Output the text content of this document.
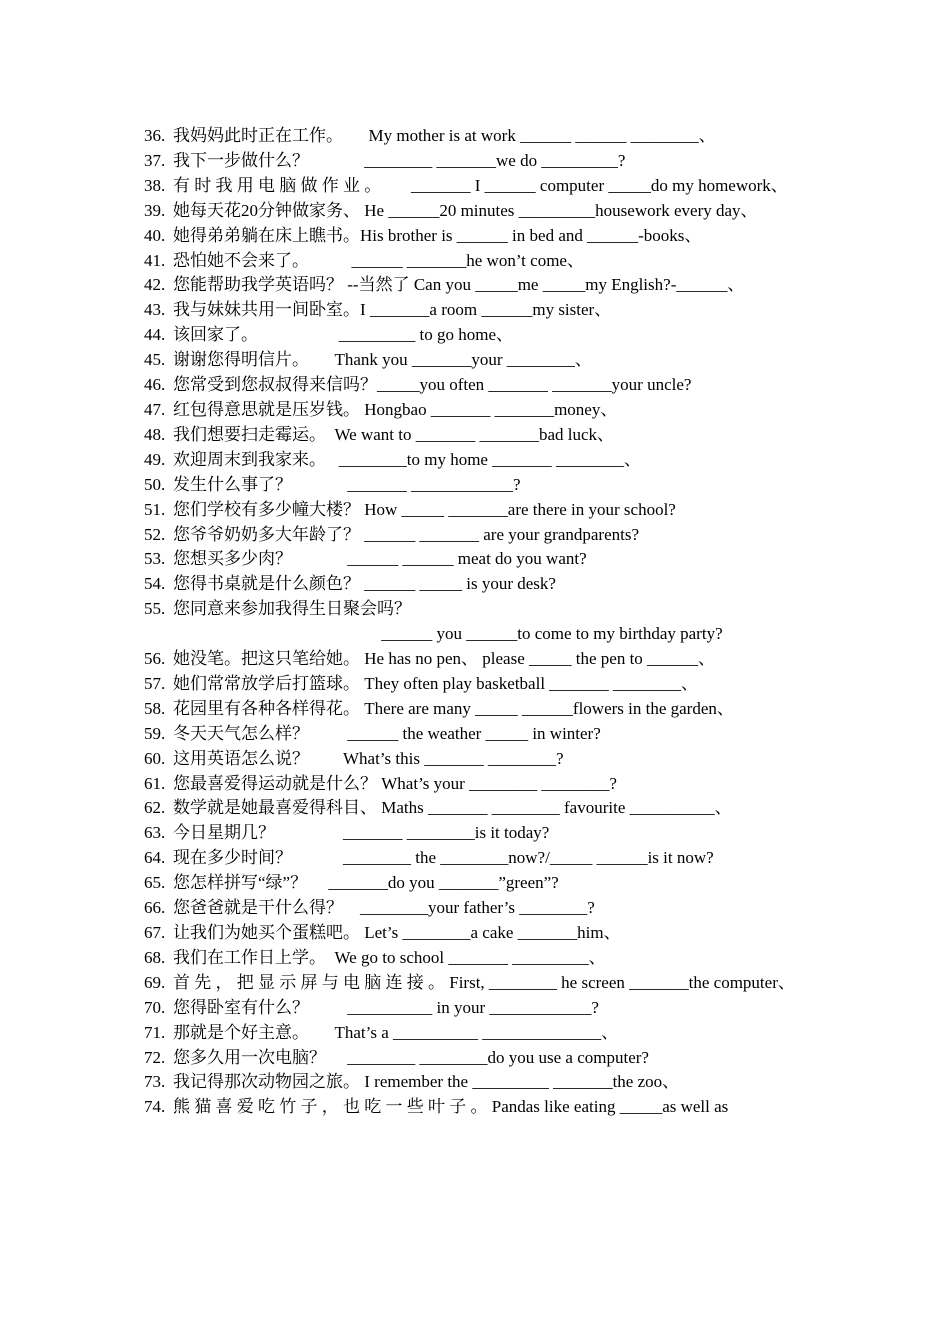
36. 我妈妈此时正在工作。　　My mother is at work ______ ______ ________、
37. 我下一步做什么？　　　 ________ _______we do _________?
38. 有 时 我 用 电 脑 做 作 业 。　　 _______ I ______ computer _____do my homework、
39. 她每天花20分钟做家务、 He ______20 minutes _________housework every day、
40. 她得弟弟躺在床上瞧书。His brother is ______ in bed and ______-books、
41. 恐怕她不会来了。　　　______ _______he won’t come、
42. 您能帮助我学英语吗？ --当然了 Can you _____me _____my English?-______、
43. 我与妹妹共用一间卧室。I _______a room ______my sister、
44. 该回家了。　　　　　 _________ to go home、
45. 谢谢您得明信片。　　Thank you _______your ________、
46. 您常受到您叔叔得来信吗？_____you often _______ _______your uncle?
47. 红包得意思就是压岁钱。 Hongbao _______ _______money、
48. 我们想要扫走霉运。　We want to _______ _______bad luck、
49. 欢迎周末到我家来。　 ________to my home _______ ________、
50. 发生什么事了？　　　 _______ ____________?
51. 您们学校有多少幢大楼？ How _____ _______are there in your school?
52. 您爷爷奶奶多大年龄了？ ______ _______ are your grandparents?
53. 您想买多少肉？　　　 ______ ______ meat do you want?
54. 您得书桌就是什么颜色？ ______ _____ is your desk?
55. 您同意来参加我得生日聚会吗？
　　　　　　　　　　　　 ______ you ______to come to my birthday party?
56. 她没笔。把这只笔给她。 He has no pen、 please _____ the pen to ______、
57. 她们常常放学后打篮球。 They often play basketball _______ ________、
58. 花园里有各种各样得花。 There are many _____ ______flowers in the garden、
59. 冬天天气怎么样？　　 ______ the weather _____ in winter?
60. 这用英语怎么说？　　What’s this _______ ________?
61. 您最喜爱得运动就是什么？ What’s your ________ ________?
62. 数学就是她最喜爱得科目、 Maths _______ ________ favourite __________、
63. 今日星期几？　　　　_______ ________is it today?
64. 现在多少时间？　　　________ the ________now?/_____ ______is it now?
65. 您怎样拼写“绿”？　 _______do you _______”green”?
66. 您爸爸就是干什么得？　________your father’s ________?
67. 让我们为她买个蛋糕吧。 Let’s ________a cake _______him、
68. 我们在工作日上学。　We go to school _______ _________、
69. 首 先 ， 把 显 示 屏 与 电 脑 连 接 。 First, ________ he screen _______the computer、
70. 您得卧室有什么？　　 __________ in your ____________?
71. 那就是个好主意。　　That’s a __________ ______________、
72. 您多久用一次电脑？　 ________ ________do you use a computer?
73. 我记得那次动物园之旅。 I remember the _________ _______the zoo、
74. 熊 猫 喜 爱 吃 竹 子 ， 也 吃 一 些 叶 子 。 Pandas like eating _____as well as
